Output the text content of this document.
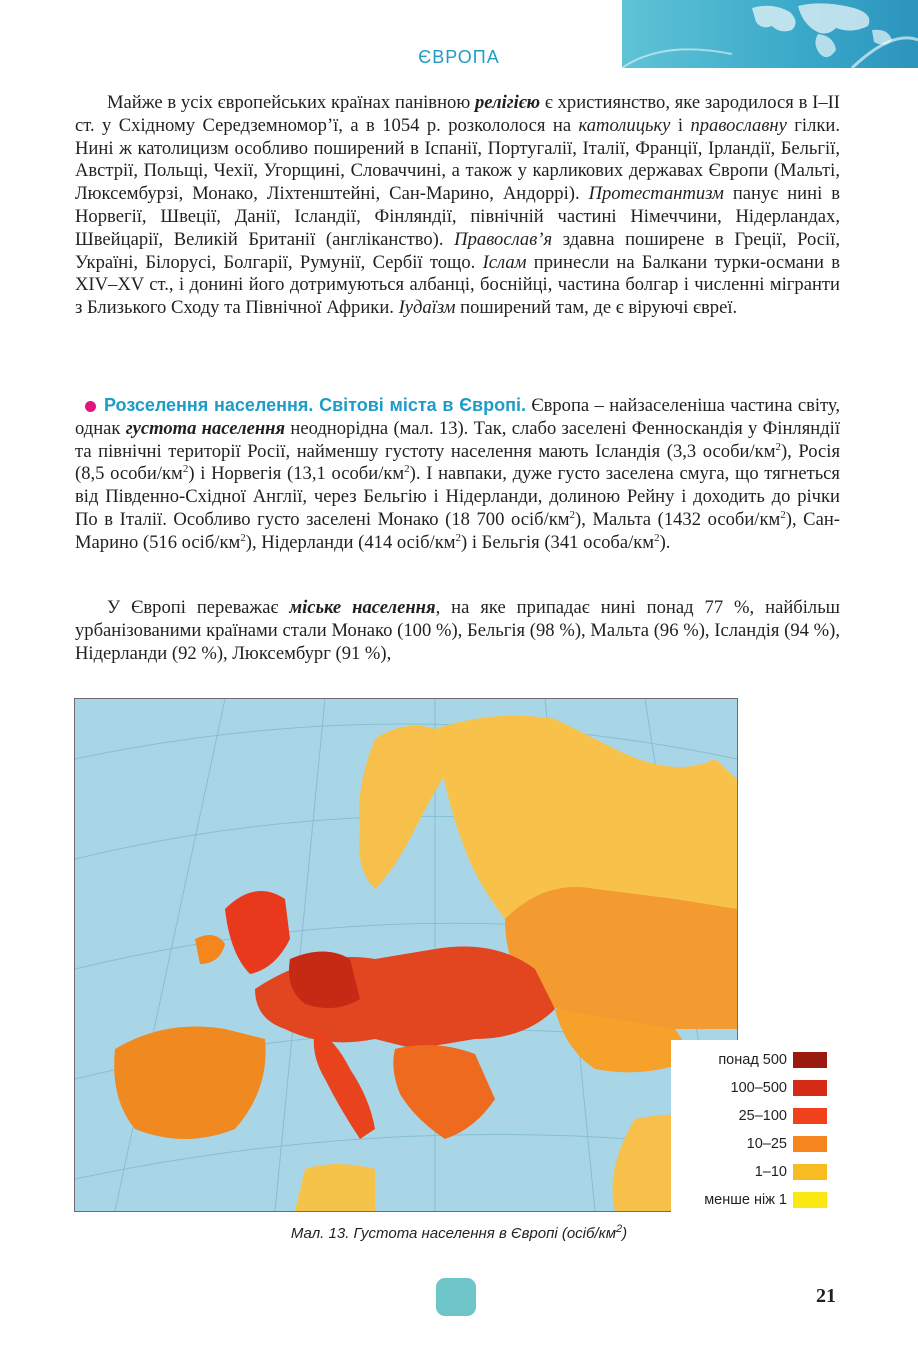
ЄВРОПА

Майже в усіх європейських країнах панівною релігією є християнство, яке зародилося в I–II ст. у Східному Середземномор’ї, а в 1054 р. розкололося на католицьку і православну гілки. Нині ж католицизм особливо поширений в Іспанії, Португалії, Італії, Франції, Ірландії, Бельгії, Австрії, Польщі, Чехії, Угорщині, Словаччині, а також у карликових державах Європи (Мальті, Люксембурзі, Монако, Ліхтенштейні, Сан-Марино, Андоррі). Протестантизм панує нині в Норвегії, Швеції, Данії, Ісландії, Фінляндії, північній частині Німеччини, Нідерландах, Швейцарії, Великій Британії (англіканство). Православ’я здавна поширене в Греції, Росії, Україні, Білорусі, Болгарії, Румунії, Сербії тощо. Іслам принесли на Балкани турки-османи в XIV–XV ст., і донині його дотримуються албанці, боснійці, частина болгар і численні мігранти з Близького Сходу та Північної Африки. Іудаїзм поширений там, де є віруючі євреї.

Розселення населення. Світові міста в Європі. Європа – найзаселеніша частина світу, однак густота населення неоднорідна (мал. 13). Так, слабо заселені Фенноскандія у Фінляндії та північні території Росії, найменшу густоту населення мають Ісландія (3,3 особи/$км^2$), Росія (8,5 особи/$км^2$) і Норвегія (13,1 особи/$км^2$). І навпаки, дуже густо заселена смуга, що тягнеться від Південно-Східної Англії, через Бельгію і Нідерланди, долиною Рейну і доходить до річки По в Італії. Особливо густо заселені Монако (18 700 осіб/$км^2$), Мальта (1432 особи/$км^2$), Сан-Марино (516 осіб/$км^2$), Нідерланди (414 осіб/$км^2$) і Бельгія (341 особа/$км^2$).

У Європі переважає міське населення, на яке припадає нині понад 77 %, найбільш урбанізованими країнами стали Монако (100 %), Бельгія (98 %), Мальта (96 %), Ісландія (94 %), Нідерланди (92 %), Люксембург (91 %),

понад 500
100–500
25–100
10–25
1–10
менше ніж 1
Мал. 13. Густота населення в Європі $(осіб/км^2)$
21
